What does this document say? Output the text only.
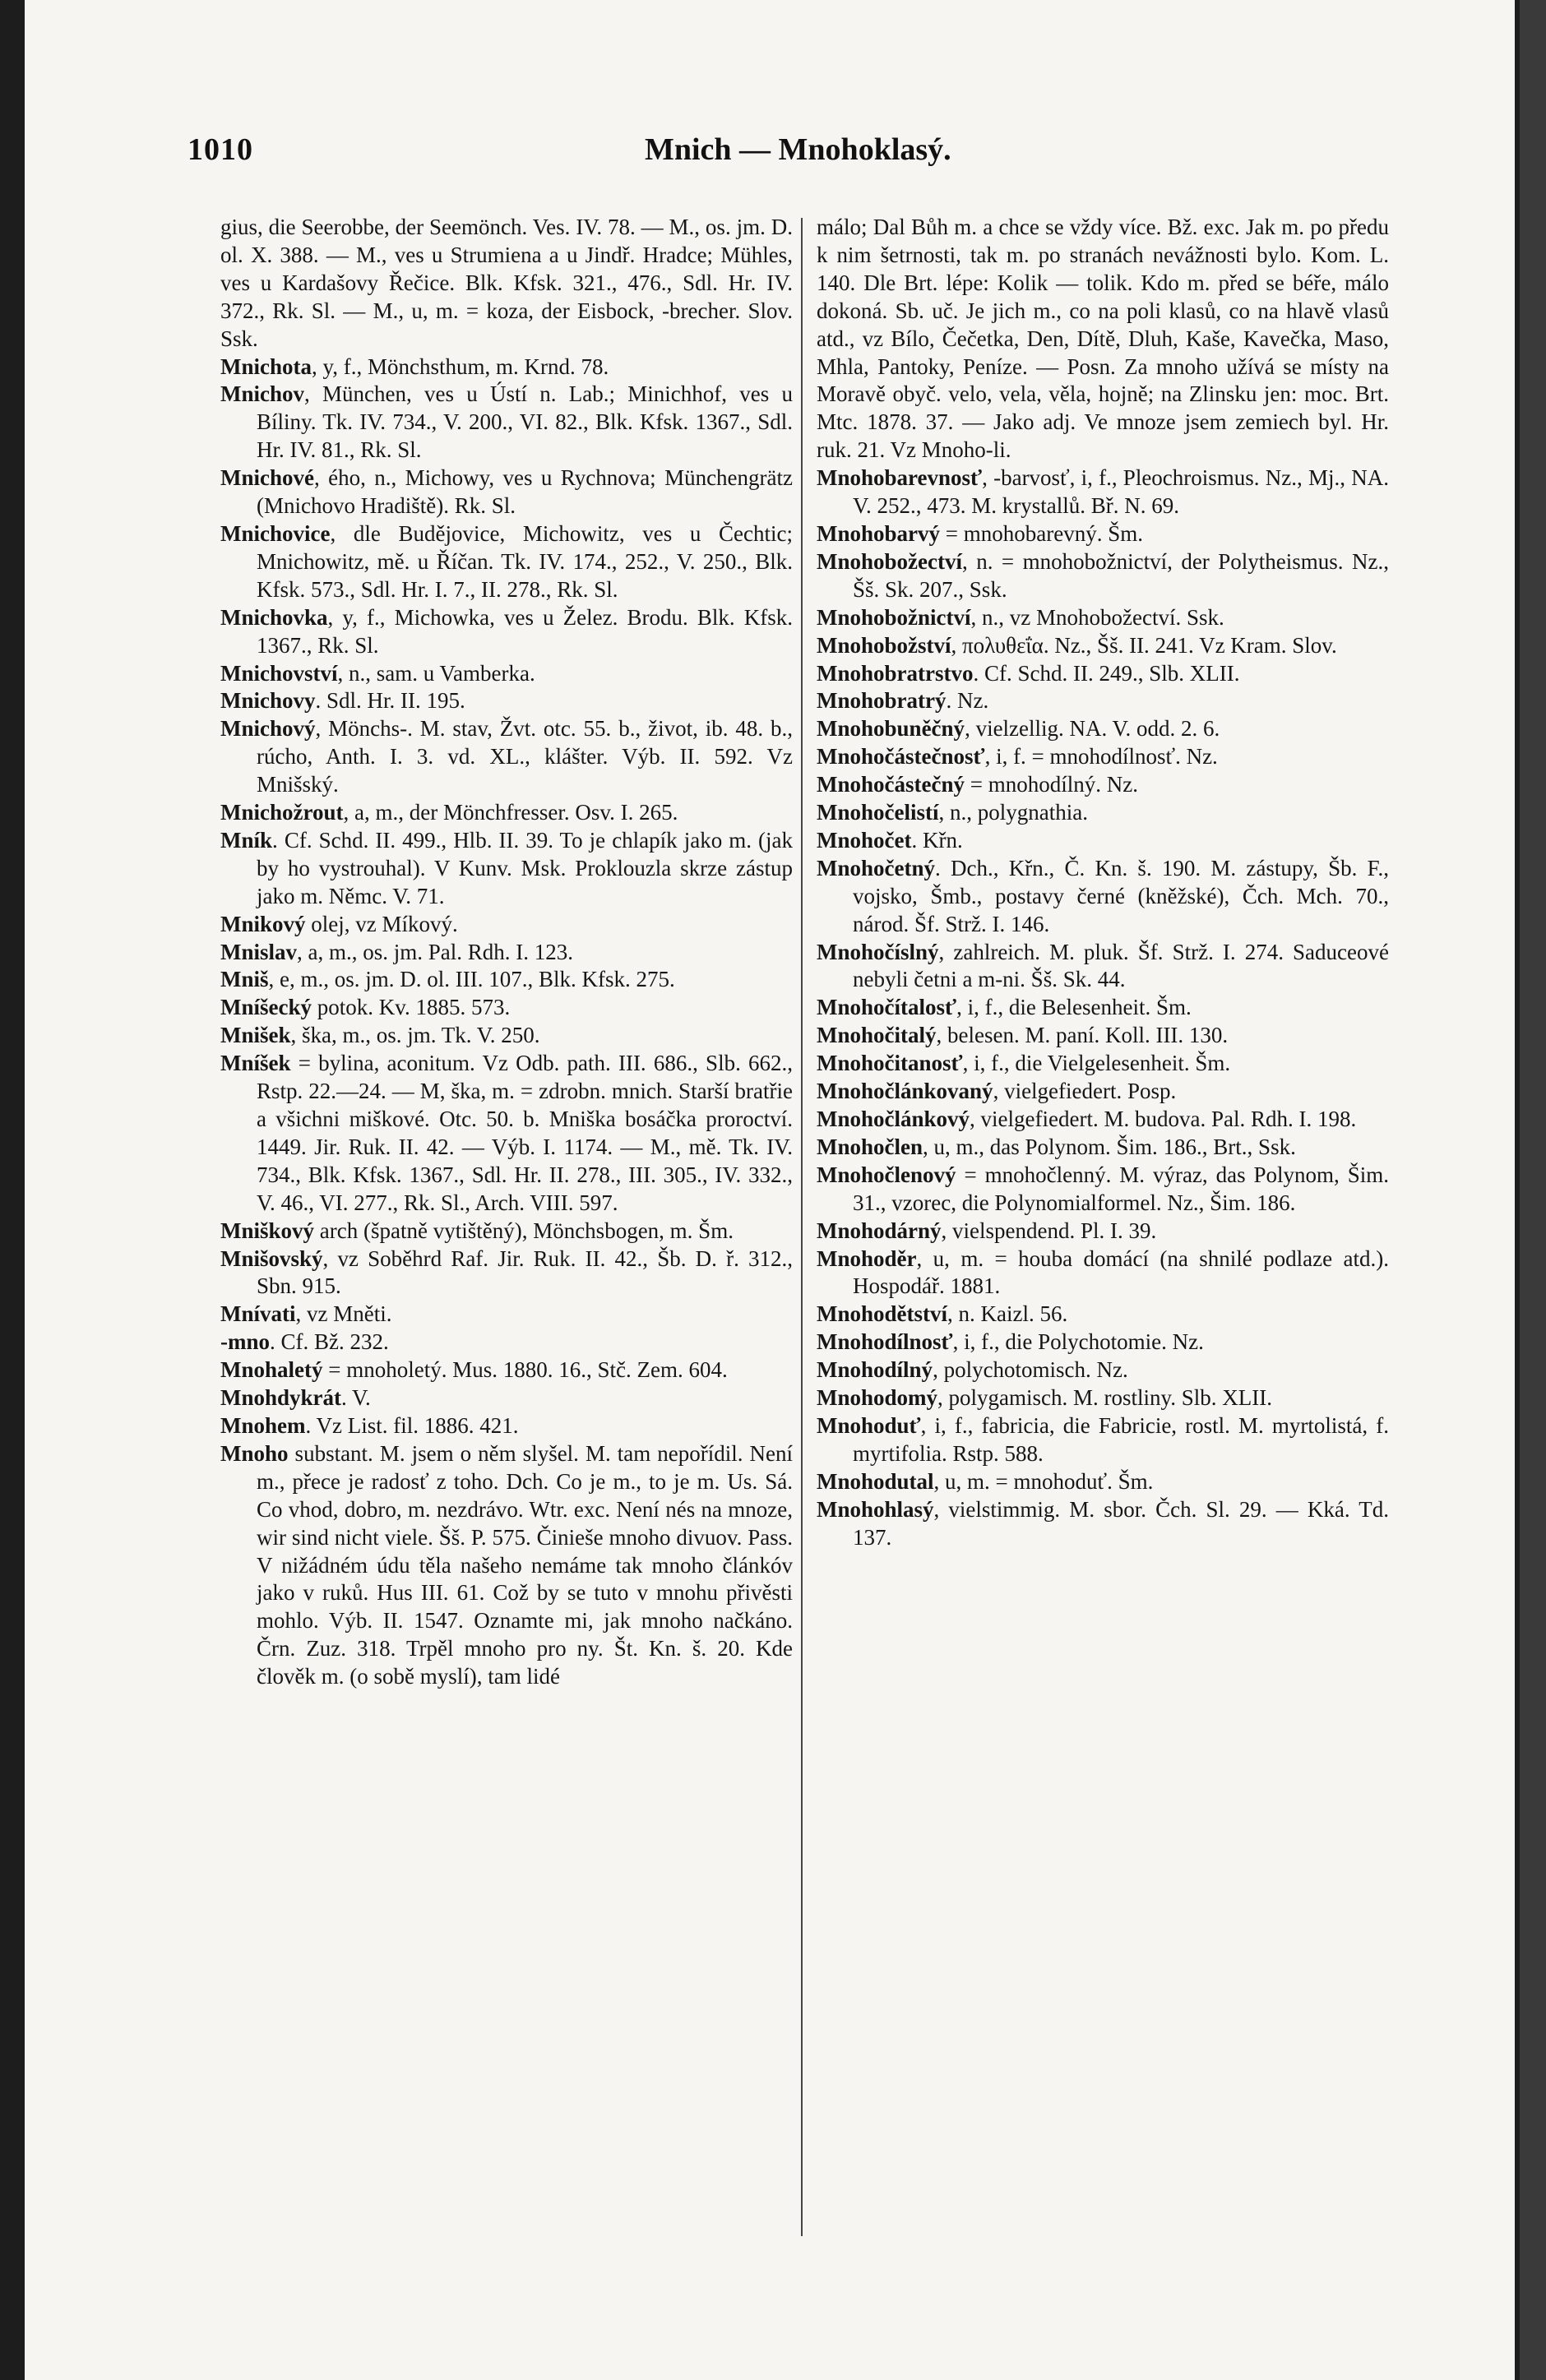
1010	Mnich — Mnohoklasý.

gius, die Seerobbe, der Seemönch. Ves. IV. 78. — M., os. jm. D. ol. X. 388. — M., ves u Strumiena a u Jindř. Hradce; Mühles, ves u Kardašovy Řečice. Blk. Kfsk. 321., 476., Sdl. Hr. IV. 372., Rk. Sl. — M., u, m. = koza, der Eisbock, -brecher. Slov. Ssk.

Mnichota, y, f., Mönchsthum, m. Krnd. 78.

Mnichov, München, ves u Ústí n. Lab.; Minichhof, ves u Bíliny. Tk. IV. 734., V. 200., VI. 82., Blk. Kfsk. 1367., Sdl. Hr. IV. 81., Rk. Sl.

Mnichové, ého, n., Michowy, ves u Rychnova; Münchengrätz (Mnichovo Hradiště). Rk. Sl.

Mnichovice, dle Budějovice, Michowitz, ves u Čechtic; Mnichowitz, mě. u Říčan. Tk. IV. 174., 252., V. 250., Blk. Kfsk. 573., Sdl. Hr. I. 7., II. 278., Rk. Sl.

Mnichovka, y, f., Michowka, ves u Želez. Brodu. Blk. Kfsk. 1367., Rk. Sl.

Mnichovství, n., sam. u Vamberka.

Mnichovy. Sdl. Hr. II. 195.

Mnichový, Mönchs-. M. stav, Žvt. otc. 55. b., život, ib. 48. b., rúcho, Anth. I. 3. vd. XL., klášter. Výb. II. 592. Vz Mnišský.

Mnichožrout, a, m., der Mönchfresser. Osv. I. 265.

Mník. Cf. Schd. II. 499., Hlb. II. 39. To je chlapík jako m. (jak by ho vystrouhal). V Kunv. Msk. Proklouzla skrze zástup jako m. Němc. V. 71.

Mnikový olej, vz Míkový.

Mnislav, a, m., os. jm. Pal. Rdh. I. 123.

Mniš, e, m., os. jm. D. ol. III. 107., Blk. Kfsk. 275.

Mníšecký potok. Kv. 1885. 573.

Mnišek, ška, m., os. jm. Tk. V. 250.

Mníšek = bylina, aconitum. Vz Odb. path. III. 686., Slb. 662., Rstp. 22.—24. — M, ška, m. = zdrobn. mnich. Starší bratřie a všichni miškové. Otc. 50. b. Mniška bosáčka proroctví. 1449. Jir. Ruk. II. 42. — Výb. I. 1174. — M., mě. Tk. IV. 734., Blk. Kfsk. 1367., Sdl. Hr. II. 278., III. 305., IV. 332., V. 46., VI. 277., Rk. Sl., Arch. VIII. 597.

Mniškový arch (špatně vytištěný), Mönchsbogen, m. Šm.

Mnišovský, vz Soběhrd Raf. Jir. Ruk. II. 42., Šb. D. ř. 312., Sbn. 915.

Mnívati, vz Mněti.

-mno. Cf. Bž. 232.

Mnohaletý = mnoholetý. Mus. 1880. 16., Stč. Zem. 604.

Mnohdykrát. V.

Mnohem. Vz List. fil. 1886. 421.

Mnoho substant. M. jsem o něm slyšel. M. tam nepořídil. Není m., přece je radosť z toho. Dch. Co je m., to je m. Us. Sá. Co vhod, dobro, m. nezdrávo. Wtr. exc. Není nés na mnoze, wir sind nicht viele. Šš. P. 575. Činieše mnoho divuov. Pass. V nižádném údu těla našeho nemáme tak mnoho článkóv jako v ruků. Hus III. 61. Což by se tuto v mnohu přivěsti mohlo. Výb. II. 1547. Oznamte mi, jak mnoho načkáno. Črn. Zuz. 318. Trpěl mnoho pro ny. Št. Kn. š. 20. Kde člověk m. (o sobě myslí), tam lidé

málo; Dal Bůh m. a chce se vždy více. Bž. exc. Jak m. po předu k nim šetrnosti, tak m. po stranách nevážnosti bylo. Kom. L. 140. Dle Brt. lépe: Kolik — tolik. Kdo m. před se béře, málo dokoná. Sb. uč. Je jich m., co na poli klasů, co na hlavě vlasů atd., vz Bílo, Čečetka, Den, Dítě, Dluh, Kaše, Kavečka, Maso, Mhla, Pantoky, Peníze. — Posn. Za mnoho užívá se místy na Moravě obyč. velo, vela, věla, hojně; na Zlinsku jen: moc. Brt. Mtc. 1878. 37. — Jako adj. Ve mnoze jsem zemiech byl. Hr. ruk. 21. Vz Mnoho-li.

Mnohobarevnosť, -barvosť, i, f., Pleochroismus. Nz., Mj., NA. V. 252., 473. M. krystallů. Bř. N. 69.

Mnohobarvý = mnohobarevný. Šm.

Mnohobožectví, n. = mnohobožnictví, der Polytheismus. Nz., Šš. Sk. 207., Ssk.

Mnohobožnictví, n., vz Mnohobožectví. Ssk.

Mnohobožství, πολυθεΐα. Nz., Šš. II. 241. Vz Kram. Slov.

Mnohobratrstvo. Cf. Schd. II. 249., Slb. XLII.

Mnohobratrý. Nz.

Mnohobuněčný, vielzellig. NA. V. odd. 2. 6.

Mnohočástečnosť, i, f. = mnohodílnosť. Nz.

Mnohočástečný = mnohodílný. Nz.

Mnohočelistí, n., polygnathia.

Mnohočet. Křn.

Mnohočetný. Dch., Křn., Č. Kn. š. 190. M. zástupy, Šb. F., vojsko, Šmb., postavy černé (kněžské), Čch. Mch. 70., národ. Šf. Strž. I. 146.

Mnohočíslný, zahlreich. M. pluk. Šf. Strž. I. 274. Saduceové nebyli četni a m-ni. Šš. Sk. 44.

Mnohočítalosť, i, f., die Belesenheit. Šm.

Mnohočitalý, belesen. M. paní. Koll. III. 130.

Mnohočitanosť, i, f., die Vielgelesenheit. Šm.

Mnohočlánkovaný, vielgefiedert. Posp.

Mnohočlánkový, vielgefiedert. M. budova. Pal. Rdh. I. 198.

Mnohočlen, u, m., das Polynom. Šim. 186., Brt., Ssk.

Mnohočlenový = mnohočlenný. M. výraz, das Polynom, Šim. 31., vzorec, die Polynomialformel. Nz., Šim. 186.

Mnohodárný, vielspendend. Pl. I. 39.

Mnohoděr, u, m. = houba domácí (na shnilé podlaze atd.). Hospodář. 1881.

Mnohodětství, n. Kaizl. 56.

Mnohodílnosť, i, f., die Polychotomie. Nz.

Mnohodílný, polychotomisch. Nz.

Mnohodomý, polygamisch. M. rostliny. Slb. XLII.

Mnohoduť, i, f., fabricia, die Fabricie, rostl. M. myrtolistá, f. myrtifolia. Rstp. 588.

Mnohodutal, u, m. = mnohoduť. Šm.

Mnohohlasý, vielstimmig. M. sbor. Čch. Sl. 29. — Kká. Td. 137.
